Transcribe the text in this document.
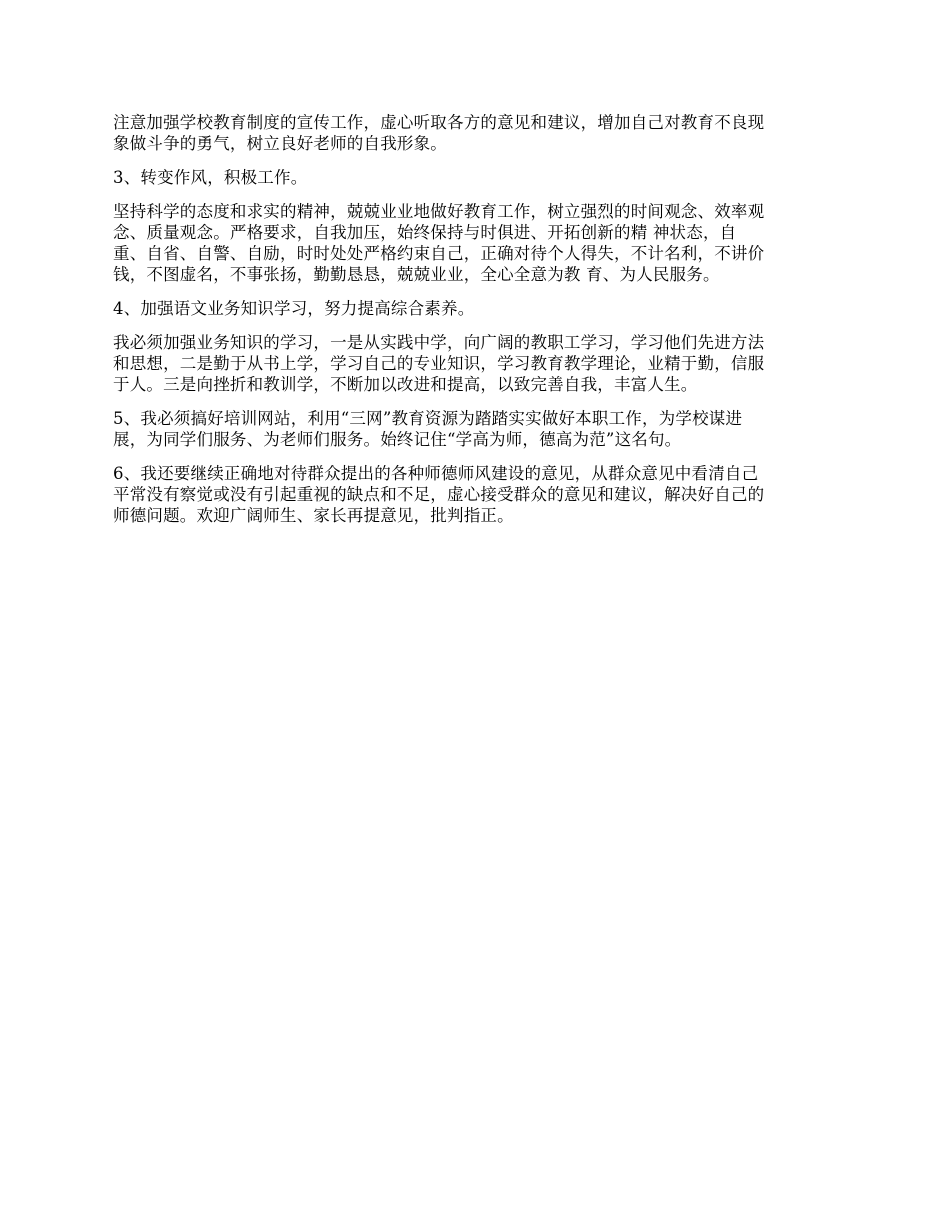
注意加强学校教育制度的宣传工作，虚心听取各方的意见和建议，增加自己对教育不良现
象做斗争的勇气，树立良好老师的自我形象。

3、转变作风，积极工作。

坚持科学的态度和求实的精神，兢兢业业地做好教育工作，树立强烈的时间观念、效率观
念、质量观念。严格要求，自我加压，始终保持与时俱进、开拓创新的精 神状态，自
重、自省、自警、自励，时时处处严格约束自己，正确对待个人得失，不计名利，不讲价
钱，不图虚名，不事张扬，勤勤恳恳，兢兢业业，全心全意为教 育、为人民服务。

4、加强语文业务知识学习，努力提高综合素养。

我必须加强业务知识的学习，一是从实践中学，向广阔的教职工学习，学习他们先进方法
和思想，二是勤于从书上学，学习自己的专业知识，学习教育教学理论，业精于勤，信服
于人。三是向挫折和教训学，不断加以改进和提高，以致完善自我，丰富人生。

5、我必须搞好培训网站，利用“三网”教育资源为踏踏实实做好本职工作，为学校谋进
展，为同学们服务、为老师们服务。始终记住“学高为师，德高为范”这名句。

6、我还要继续正确地对待群众提出的各种师德师风建设的意见，从群众意见中看清自己
平常没有察觉或没有引起重视的缺点和不足，虚心接受群众的意见和建议，解决好自己的
师德问题。欢迎广阔师生、家长再提意见，批判指正。
